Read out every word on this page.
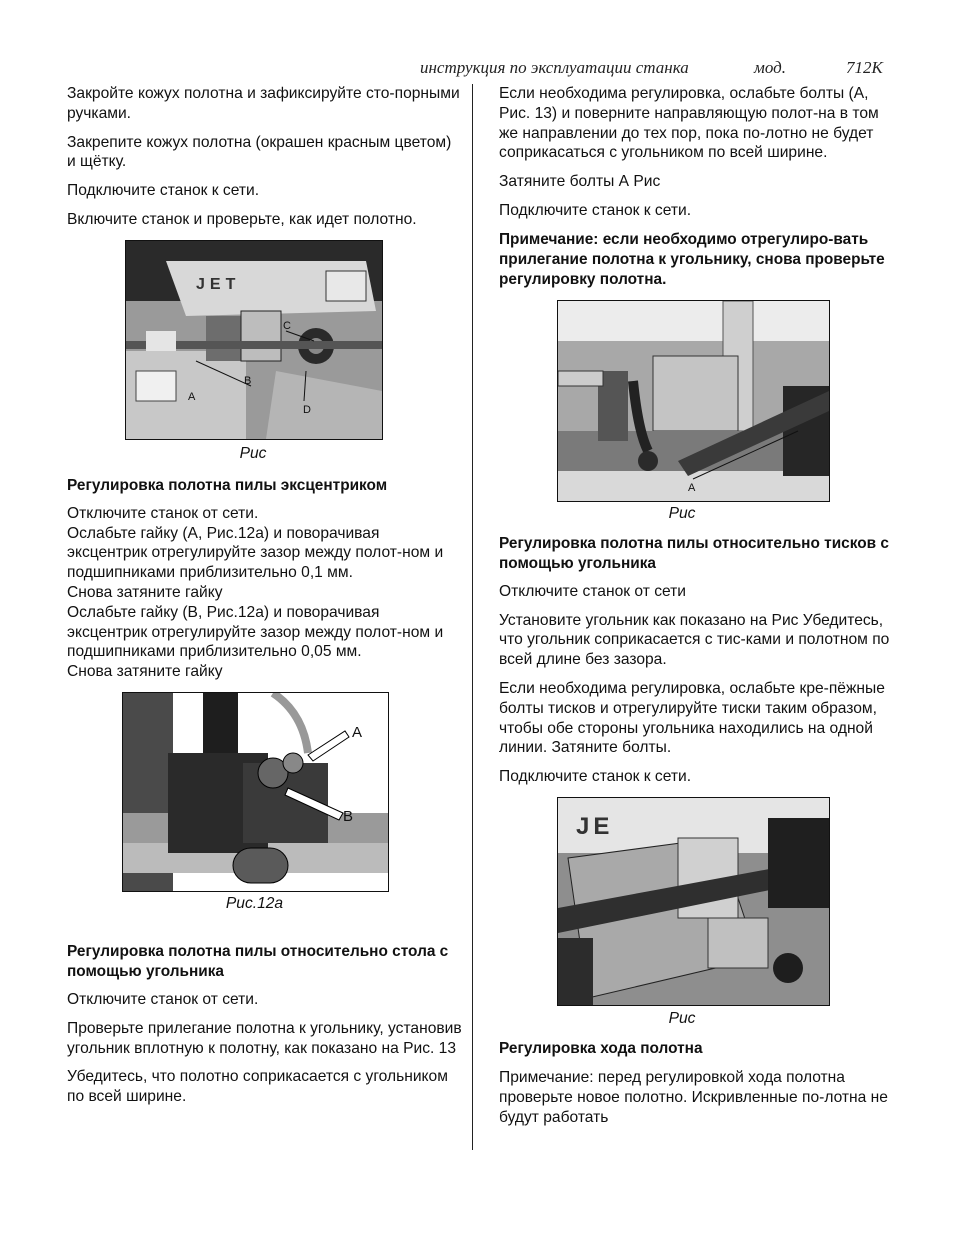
инструкция по эксплуатации станка	мод.	712К

Закройте кожух полотна и зафиксируйте сто-порными ручками.

Закрепите кожух полотна (окрашен красным цветом) и щётку.

Подключите станок к сети.

Включите станок и проверьте, как идет полотно.

JET
A
B
C
D
Рис
Регулировка полотна пилы эксцентриком

Отключите станок от сети.

Ослабьте гайку (А, Рис.12а) и поворачивая эксцентрик отрегулируйте зазор между полот-ном и подшипниками приблизительно 0,1 мм.

Снова затяните гайку

Ослабьте гайку (В, Рис.12а) и поворачивая эксцентрик отрегулируйте зазор между полот-ном и подшипниками приблизительно 0,05 мм.

Снова затяните гайку

A
B
Рис.12а
Регулировка полотна пилы относительно стола с помощью угольника

Отключите станок от сети.

Проверьте прилегание полотна к угольнику, установив угольник вплотную к полотну, как показано на Рис. 13

Убедитесь, что полотно соприкасается с угольником по всей ширине.

Если необходима регулировка, ослабьте болты (А, Рис. 13) и поверните направляющую полот-на в том же направлении до тех пор, пока по-лотно не будет соприкасаться с угольником по всей ширине.

Затяните болты А Рис

Подключите станок к сети.

Примечание: если необходимо отрегулиро-вать прилегание полотна к угольнику, снова проверьте регулировку полотна.
A
Рис
Регулировка полотна пилы относительно тисков с помощью угольника

Отключите станок от сети

Установите угольник как показано на Рис Убедитесь, что угольник соприкасается с тис-ками и полотном по всей длине без зазора.

Если необходима регулировка, ослабьте кре-пёжные болты тисков и отрегулируйте тиски таким образом, чтобы обе стороны угольника находились на одной линии. Затяните болты.

Подключите станок к сети.

JE
Рис
Регулировка хода полотна

Примечание: перед регулировкой хода полотна проверьте новое полотно. Искривленные по-лотна не будут работать
